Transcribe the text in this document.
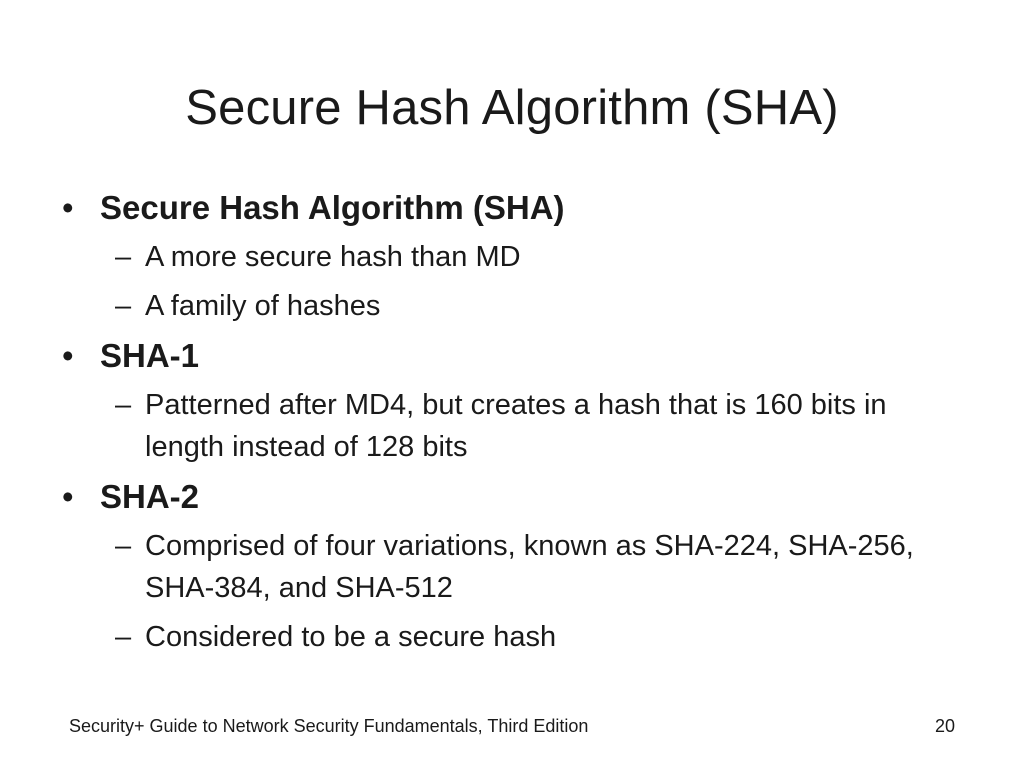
Secure Hash Algorithm (SHA)
• Secure Hash Algorithm (SHA)
– A more secure hash than MD
– A family of hashes
• SHA-1
– Patterned after MD4, but creates a hash that is 160 bits in length instead of 128 bits
• SHA-2
– Comprised of four variations, known as SHA-224, SHA-256, SHA-384, and SHA-512
– Considered to be a secure hash
Security+ Guide to Network Security Fundamentals, Third Edition	20
